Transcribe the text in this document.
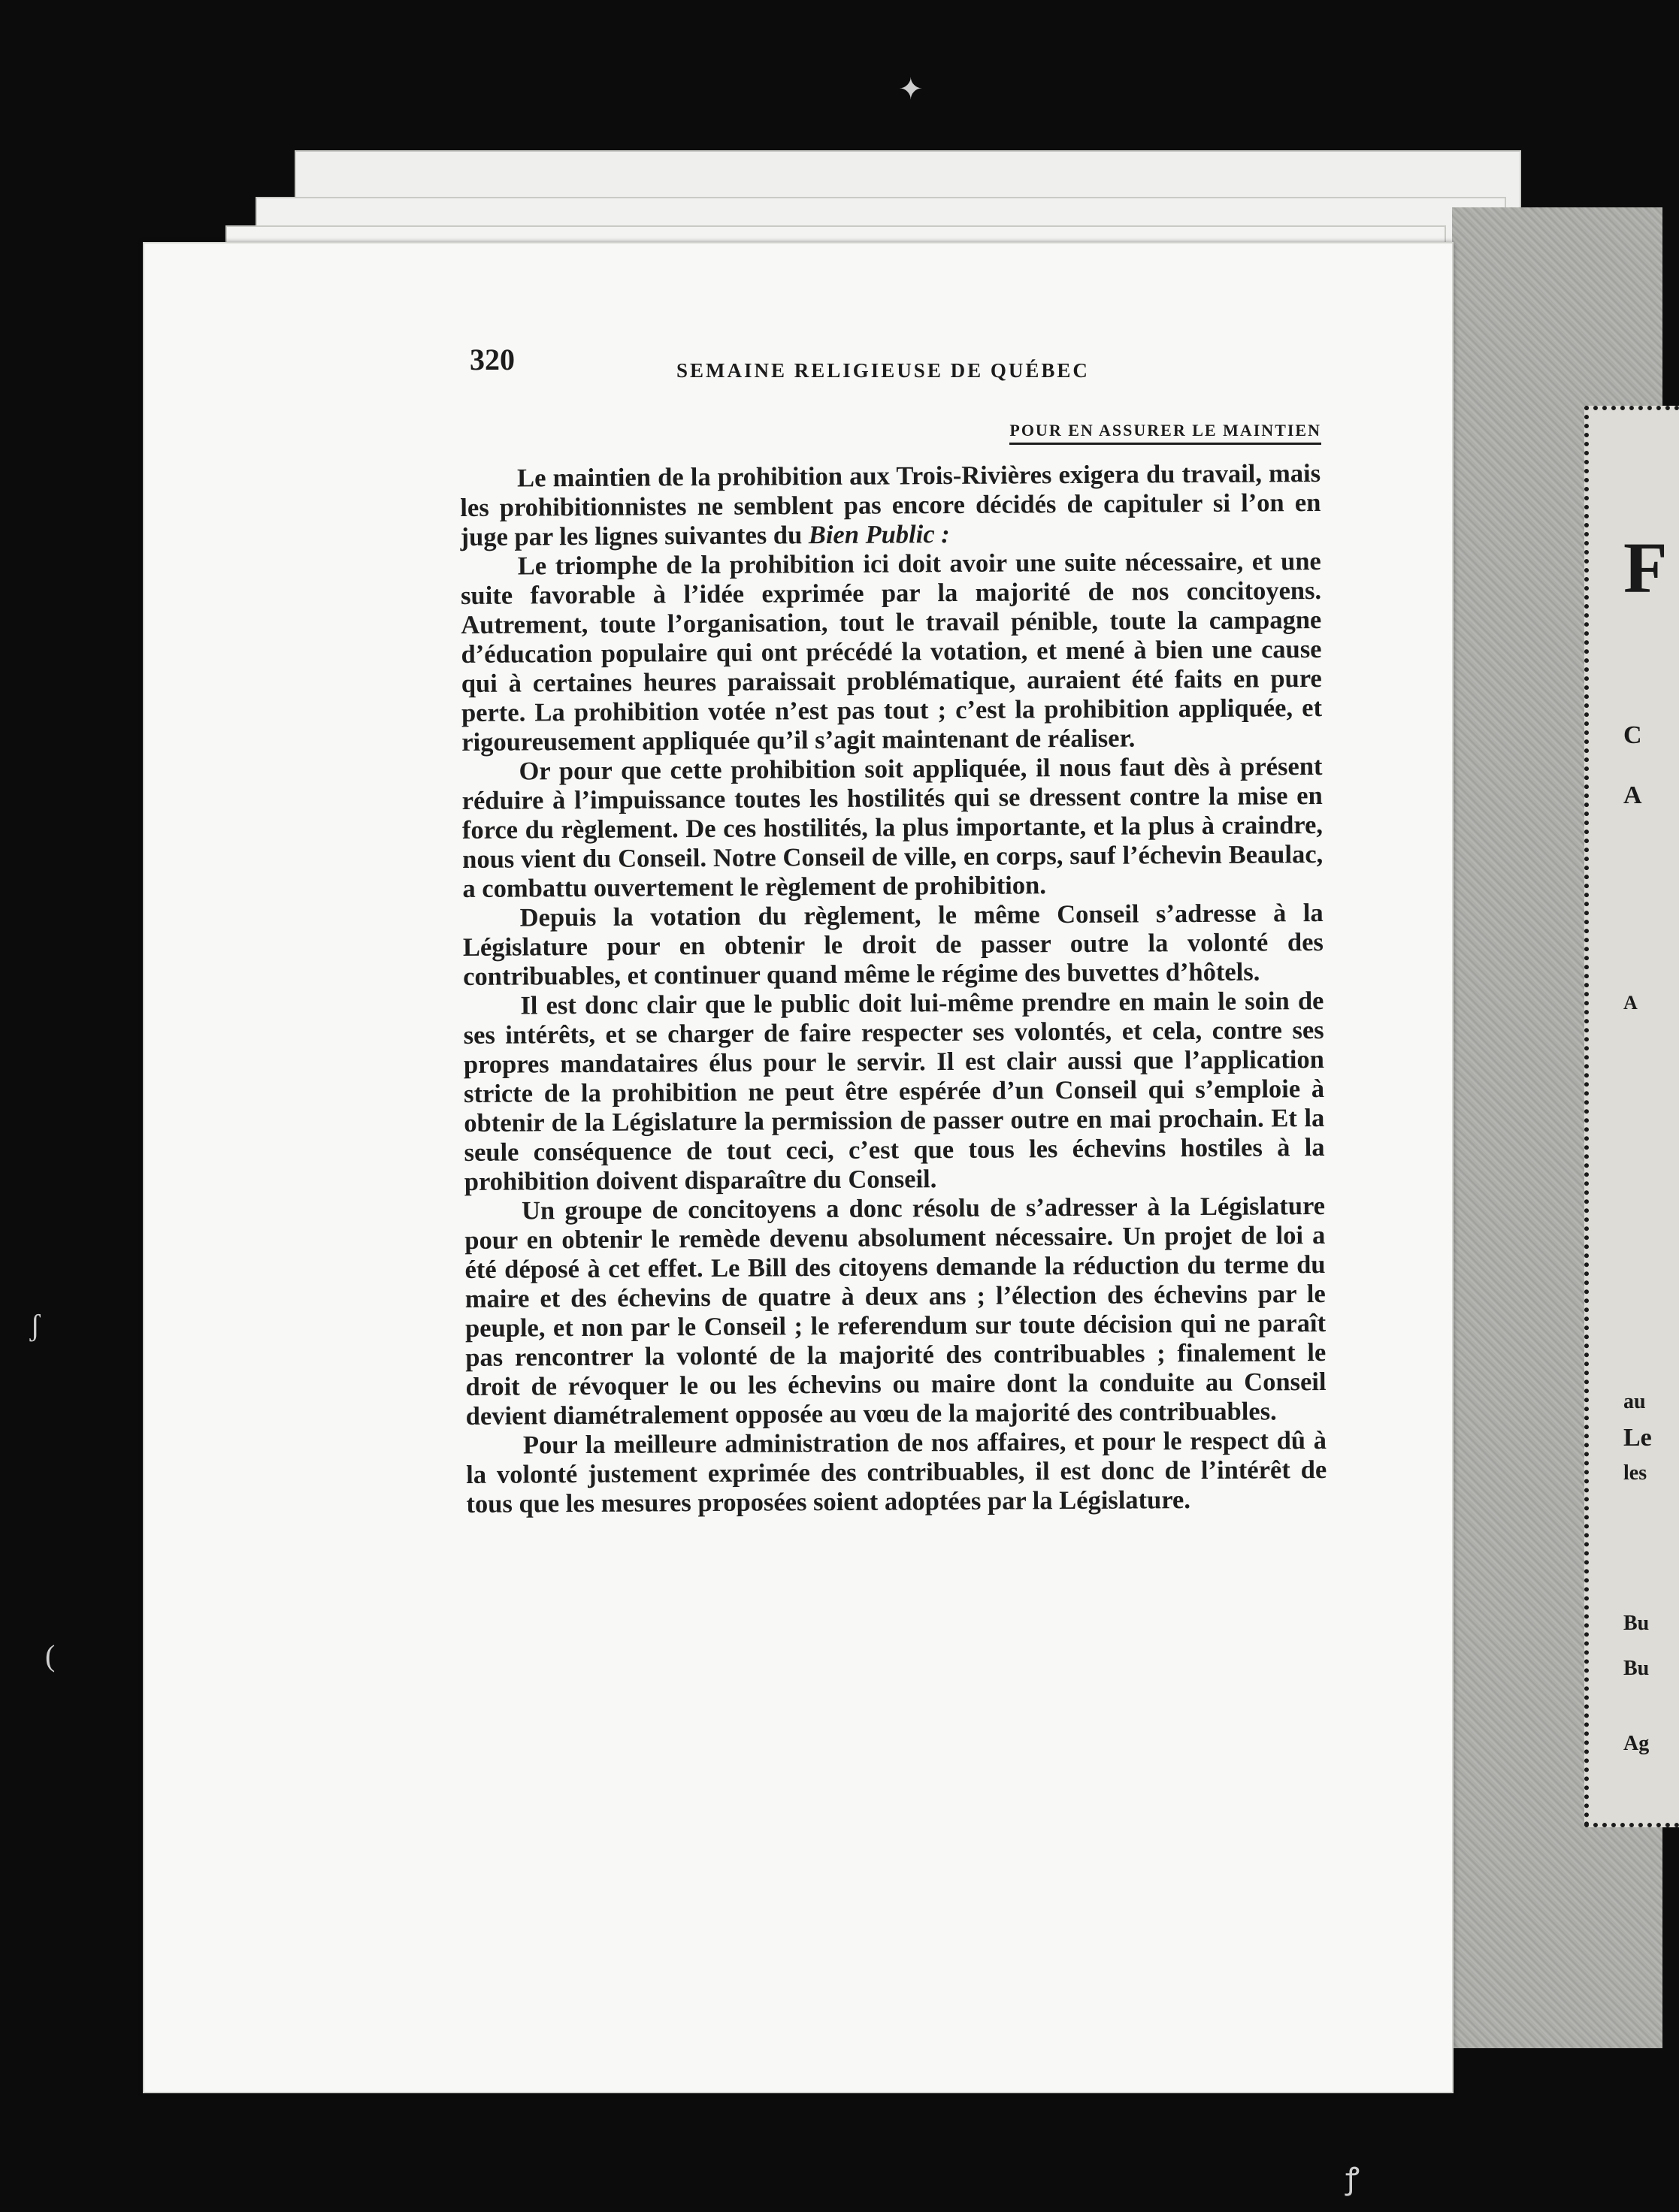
F
C
A
A
au
Le
les
Bu
Bu
Ag
320	SEMAINE RELIGIEUSE DE QUÉBEC
POUR EN ASSURER LE MAINTIEN

Le maintien de la prohibition aux Trois-Rivières exigera du travail, mais les prohibitionnistes ne semblent pas encore décidés de capituler si l’on en juge par les lignes suivantes du Bien Public :

Le triomphe de la prohibition ici doit avoir une suite nécessaire, et une suite favorable à l’idée exprimée par la majorité de nos concitoyens. Autrement, toute l’organisation, tout le travail pénible, toute la campagne d’éducation populaire qui ont précédé la votation, et mené à bien une cause qui à certaines heures paraissait problématique, auraient été faits en pure perte. La prohibition votée n’est pas tout ; c’est la prohibition appliquée, et rigoureusement appliquée qu’il s’agit maintenant de réaliser.

Or pour que cette prohibition soit appliquée, il nous faut dès à présent réduire à l’impuissance toutes les hostilités qui se dressent contre la mise en force du règlement. De ces hostilités, la plus importante, et la plus à craindre, nous vient du Conseil. Notre Conseil de ville, en corps, sauf l’échevin Beaulac, a combattu ouvertement le règlement de prohibition.

Depuis la votation du règlement, le même Conseil s’adresse à la Législature pour en obtenir le droit de passer outre la volonté des contribuables, et continuer quand même le régime des buvettes d’hôtels.

Il est donc clair que le public doit lui-même prendre en main le soin de ses intérêts, et se charger de faire respecter ses volontés, et cela, contre ses propres mandataires élus pour le servir. Il est clair aussi que l’application stricte de la prohibition ne peut être espérée d’un Conseil qui s’emploie à obtenir de la Législature la permission de passer outre en mai prochain. Et la seule conséquence de tout ceci, c’est que tous les échevins hostiles à la prohibition doivent disparaître du Conseil.

Un groupe de concitoyens a donc résolu de s’adresser à la Législature pour en obtenir le remède devenu absolument nécessaire. Un projet de loi a été déposé à cet effet. Le Bill des citoyens demande la réduction du terme du maire et des échevins de quatre à deux ans ; l’élection des échevins par le peuple, et non par le Conseil ; le referendum sur toute décision qui ne paraît pas rencontrer la volonté de la majorité des contribuables ; finalement le droit de révoquer le ou les échevins ou maire dont la conduite au Conseil devient diamétralement opposée au vœu de la majorité des contribuables.

Pour la meilleure administration de nos affaires, et pour le respect dû à la volonté justement exprimée des contribuables, il est donc de l’intérêt de tous que les mesures proposées soient adoptées par la Législature.

✦
ʃ
(
ꝭ
